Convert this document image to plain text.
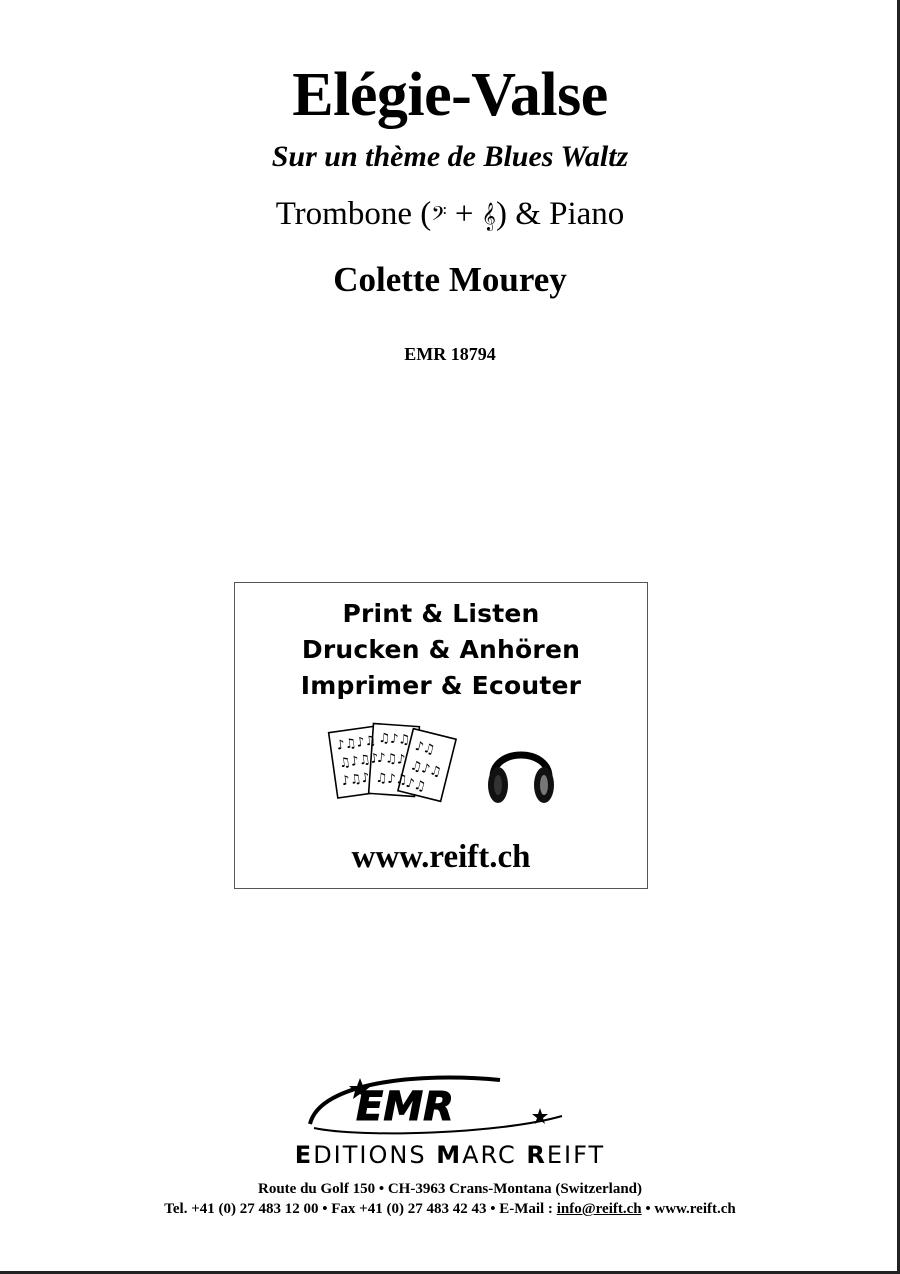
Elégie-Valse
Sur un thème de Blues Waltz
Trombone (𝄢 + 𝄞) & Piano
Colette Mourey
EMR 18794
Print & Listen
Drucken & Anhören
Imprimer & Ecouter
♪♫♪♫
♫♪♫♪
♪♫♪
♫♪♫
♪♫♪
♫♪♫
♪♫
♫♪♫
♪♫
www.reift.ch
EMR
EDITIONS MARC REIFT
Route du Golf 150 • CH-3963 Crans-Montana (Switzerland)
Tel. +41 (0) 27 483 12 00 • Fax +41 (0) 27 483 42 43 • E-Mail : info@reift.ch • www.reift.ch
